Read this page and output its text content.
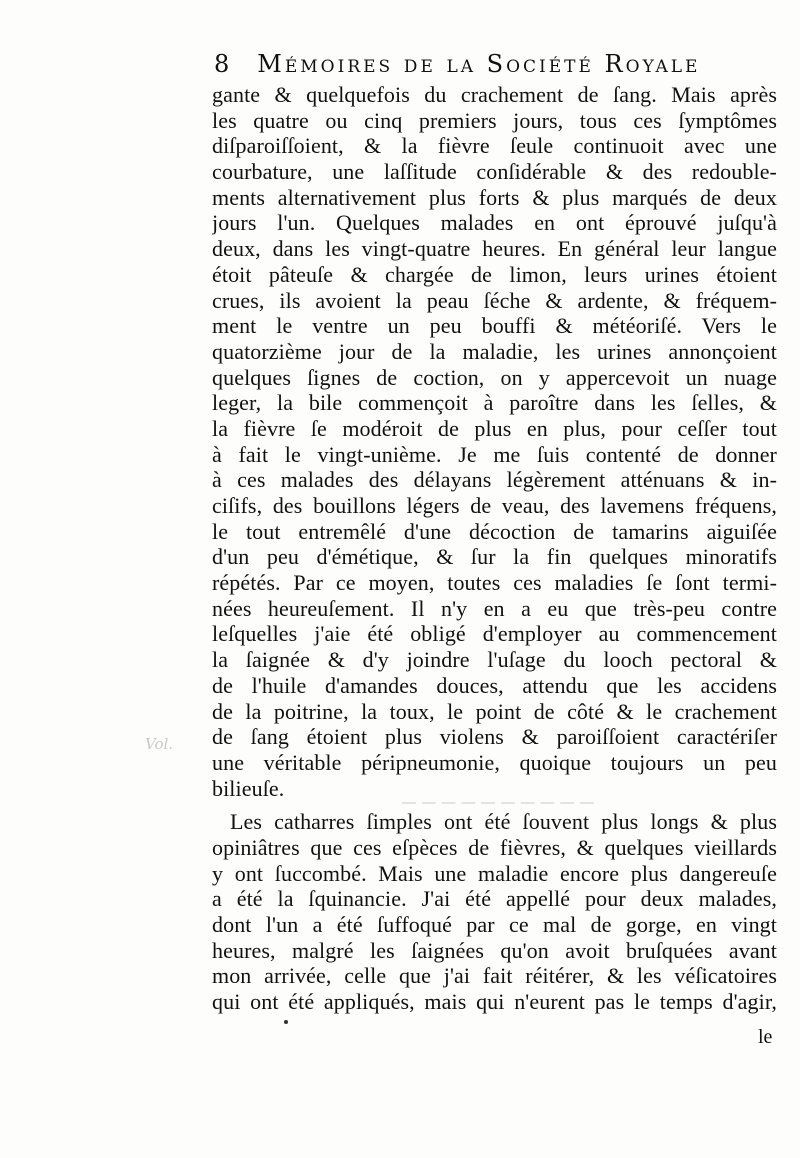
Vol.
— — — — — — — — — —
8 Mémoires de la Société Royale
gante & quelquefois du crachement de ſang. Mais après
les quatre ou cinq premiers jours, tous ces ſymptômes
diſparoiſſoient, & la fièvre ſeule continuoit avec une
courbature, une laſſitude conſidérable & des redouble-
ments alternativement plus forts & plus marqués de deux
jours l'un. Quelques malades en ont éprouvé juſqu'à
deux, dans les vingt-quatre heures. En général leur langue
étoit pâteuſe & chargée de limon, leurs urines étoient
crues, ils avoient la peau ſéche & ardente, & fréquem-
ment le ventre un peu bouffi & météoriſé. Vers le
quatorzième jour de la maladie, les urines annonçoient
quelques ſignes de coction, on y appercevoit un nuage
leger, la bile commençoit à paroître dans les ſelles, &
la fièvre ſe modéroit de plus en plus, pour ceſſer tout
à fait le vingt-unième. Je me ſuis contenté de donner
à ces malades des délayans légèrement atténuans & in-
ciſifs, des bouillons légers de veau, des lavemens fréquens,
le tout entremêlé d'une décoction de tamarins aiguiſée
d'un peu d'émétique, & ſur la fin quelques minoratifs
répétés. Par ce moyen, toutes ces maladies ſe ſont termi-
nées heureuſement. Il n'y en a eu que très-peu contre
leſquelles j'aie été obligé d'employer au commencement
la ſaignée & d'y joindre l'uſage du looch pectoral &
de l'huile d'amandes douces, attendu que les accidens
de la poitrine, la toux, le point de côté & le crachement
de ſang étoient plus violens & paroiſſoient caractériſer
une véritable péripneumonie, quoique toujours un peu
bilieuſe.
Les catharres ſimples ont été ſouvent plus longs & plus
opiniâtres que ces eſpèces de fièvres, & quelques vieillards
y ont ſuccombé. Mais une maladie encore plus dangereuſe
a été la ſquinancie. J'ai été appellé pour deux malades,
dont l'un a été ſuffoqué par ce mal de gorge, en vingt
heures, malgré les ſaignées qu'on avoit bruſquées avant
mon arrivée, celle que j'ai fait réitérer, & les véſicatoires
qui ont été appliqués, mais qui n'eurent pas le temps d'agir,
le
